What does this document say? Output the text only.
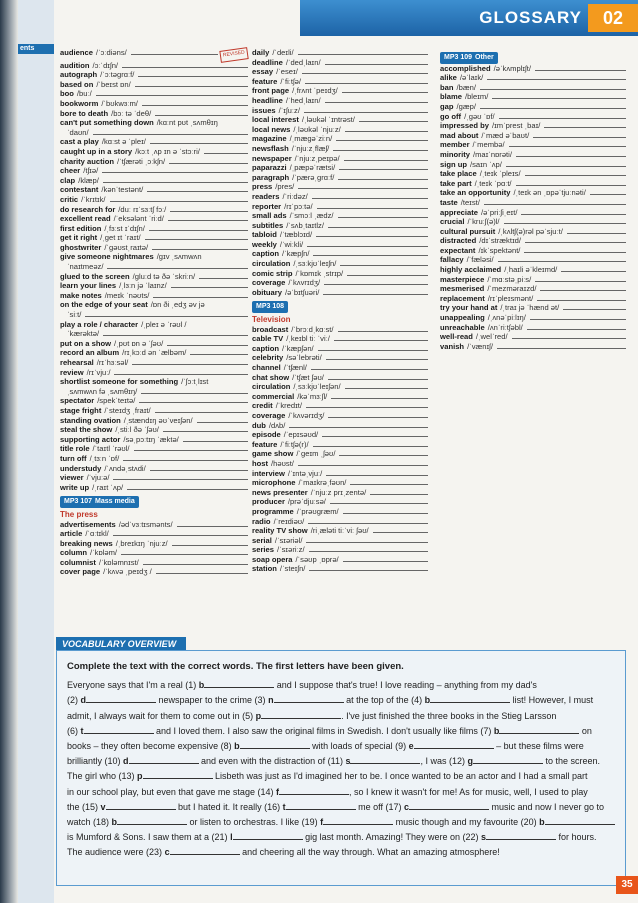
ents
GLOSSARY	02
audience /ˈɔːdiəns/	REVISED
audition /ɔːˈdɪʃn/
autograph /ˈɔːtəɡrɑːf/
based on /ˈbeɪst ɒn/
boo /buː/
bookworm /ˈbʊkwɜːm/
bore to death /bɔː tə ˈdeθ/
can't put something down /kɑːnt pʊt ˌsʌmθɪŋ
ˈdaʊn/
cast a play /kɑːst ə ˈpleɪ/
caught up in a story /kɔːt ˌʌp ɪn ə ˈstɔːri/
charity auction /ˈtʃærəti ˌɔːkʃn/
cheer /tʃɪə/
clap /klæp/
contestant /kənˈtestənt/
critic /ˈkrɪtɪk/
do research for /duː rɪˈsɜːtʃ fɔː/
excellent read /ˈeksələnt ˈriːd/
first edition /ˌfɜːst ɪˈdɪʃn/
get it right /ˌɡet ɪt ˈraɪt/
ghostwriter /ˈɡəʊstˌraɪtə/
give someone nightmares /ɡɪv ˌsʌmwʌn
ˈnaɪtmeəz/
glued to the screen /ɡluːd tə ðə ˈskriːn/
learn your lines /ˌlɜːn jə ˈlaɪnz/
make notes /meɪk ˈnəʊts/
on the edge of your seat /ɒn ði ˌedʒ əv jə
ˈsiːt/
play a role / character /ˌpleɪ ə ˈrəʊl /
ˈkærəktə/
put on a show /ˌpʊt ɒn ə ˈʃəʊ/
record an album /rɪˌkɔːd ən ˈælbəm/
rehearsal /rɪˈhɜːsəl/
review /rɪˈvjuː/
shortlist someone for something /ˈʃɔːtˌlɪst
ˌsʌmwʌn fə ˌsʌmθɪŋ/
spectator /spekˈteɪtə/
stage fright /ˈsteɪdʒ ˌfraɪt/
standing ovation /ˌstændɪŋ əʊˈveɪʃən/
steal the show /ˌstiːl ðə ˈʃəʊ/
supporting actor /səˌpɔːtɪŋ ˈæktə/
title role /ˈtaɪtl ˈrəʊl/
turn off /ˌtɜːn ˈɒf/
understudy /ˈʌndəˌstʌdi/
viewer /ˈvjuːə/
write up /ˌraɪt ˈʌp/
MP3 107 Mass media
The press
advertisements /ədˈvɜːtɪsmənts/
article /ˈɑːtɪkl/
breaking news /ˌbreɪkɪŋ ˈnjuːz/
column /ˈkɒləm/
columnist /ˈkɒləmnɪst/
cover page /ˈkʌvə ˌpeɪdʒ /
daily /ˈdeɪli/
deadline /ˈdedˌlaɪn/
essay /ˈeseɪ/
feature /ˈfiːtʃə/
front page /ˌfrʌnt ˈpeɪdʒ/
headline /ˈhedˌlaɪn/
issues /ˈɪʃuːz/
local interest /ˌləʊkəl ˈɪntrəst/
local news /ˌləʊkəl ˈnjuːz/
magazine /ˌmæɡəˈziːn/
newsflash /ˈnjuːzˌflæʃ/
newspaper /ˈnjuːzˌpeɪpə/
paparazzi /ˌpæpəˈrætsi/
paragraph /ˈpærəˌɡrɑːf/
press /pres/
readers /ˈriːdəz/
reporter /rɪˈpɔːtə/
small ads /ˈsmɔːl ˌædz/
subtitles /ˈsʌbˌtaɪtlz/
tabloid /ˈtæblɔɪd/
weekly /ˈwiːkli/
caption /ˈkæpʃn/
circulation /ˌsɜːkjʊˈleɪʃn/
comic strip /ˈkɒmɪk ˌstrɪp/
coverage /ˈkʌvrɪdʒ/
obituary /əˈbɪtʃuəri/
MP3 108
Television
broadcast /ˈbrɔːdˌkɑːst/
cable TV /ˌkeɪbl tiː ˈviː/
caption /ˈkæpʃən/
celebrity /səˈlebrəti/
channel /ˈtʃænl/
chat show /ˈtʃæt ʃəʊ/
circulation /ˌsɜːkjʊˈleɪʃən/
commercial /kəˈmɜːʃl/
credit /ˈkredɪt/
coverage /ˈkʌvərɪdʒ/
dub /dʌb/
episode /ˈepɪsəʊd/
feature /ˈfiːtʃə(r)/
game show /ˈɡeɪm ˌʃəʊ/
host /həʊst/
interview /ˈɪntəˌvjuː/
microphone /ˈmaɪkrəˌfəʊn/
news presenter /ˈnjuːz prɪˌzentə/
producer /prəˈdjuːsə/
programme /ˈprəʊɡræm/
radio /ˈreɪdiəʊ/
reality TV show /riˌæləti tiːˈviː ʃəʊ/
serial /ˈsɪəriəl/
series /ˈsɪəriːz/
soap opera /ˈsəʊp ˌɒprə/
station /ˈsteɪʃn/
MP3 109 Other
accomplished /əˈkʌmplɪʃt/
alike /əˈlaɪk/
ban /bæn/
blame /bleɪm/
gap /ɡæp/
go off /ˌɡəʊ ˈɒf/
impressed by /ɪmˈprest ˌbaɪ/
mad about /ˈmæd əˈbaʊt/
member /ˈmembə/
minority /maɪˈnɒrəti/
sign up /saɪn ˈʌp/
take place /ˌteɪk ˈpleɪs/
take part /ˌteɪk ˈpɑːt/
take an opportunity /ˌteɪk ən ˌɒpəˈtjuːnəti/
taste /teɪst/
appreciate /əˈpriːʃiˌeɪt/
crucial /ˈkruːʃ(ə)l/
cultural pursuit /ˌkʌltʃ(ə)rəl pəˈsjuːt/
distracted /dɪˈstræktɪd/
expectant /ɪkˈspektənt/
fallacy /ˈfæləsi/
highly acclaimed /ˌhaɪli əˈkleɪmd/
masterpiece /ˈmɑːstəˌpiːs/
mesmerised /ˈmezməraɪzd/
replacement /rɪˈpleɪsmənt/
try your hand at /ˌtraɪ jə ˈhænd ət/
unappealing /ˌʌnəˈpiːlɪŋ/
unreachable /ʌnˈriːtʃəbl/
well-read /ˌwelˈred/
vanish /ˈvænɪʃ/
VOCABULARY OVERVIEW
Complete the text with the correct words. The first letters have been given.
Everyone says that I'm a real (1) b	and I suppose that's true! I love reading – anything from my dad's
(2) d	newspaper to the crime (3) n	at the top of the (4) b	list! However, I must
admit, I always wait for them to come out in (5) p	. I've just finished the three books in the Stieg Larsson
(6) t	and I loved them. I also saw the original films in Swedish. I don't usually like films (7) b	on
books – they often become expensive (8) b	with loads of special (9) e	– but these films were
brilliantly (10) d	and even with the distraction of (11) s	, I was (12) g	to the screen.
The girl who (13) p	Lisbeth was just as I'd imagined her to be. I once wanted to be an actor and I had a small part
in our school play, but even that gave me stage (14) f	, so I knew it wasn't for me! As for music, well, I used to play
the (15) v	but I hated it. It really (16) t	me off (17) c	music and now I never go to
watch (18) b	or listen to orchestras. I like (19) f	music though and my favourite (20) b
is Mumford & Sons. I saw them at a (21) l	gig last month. Amazing! They were on (22) s	for hours.
The audience were (23) c	and cheering all the way through. What an amazing atmosphere!
35
